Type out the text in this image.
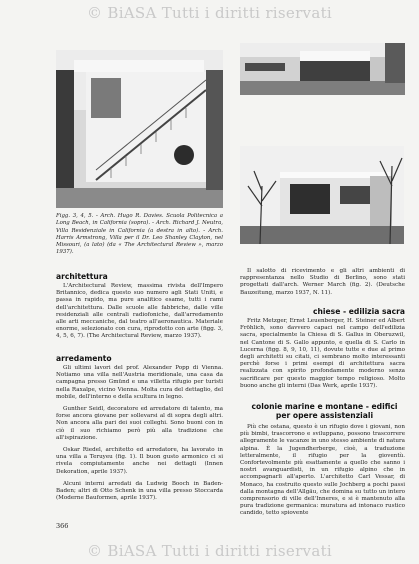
© BiASA Tutti i diritti riservati
© BiASA Tutti i diritti riservati
Figg. 3, 4, 5. - Arch. Hugo R. Davies. Scuola Politecnica a Long Beach, in California (sopra). - Arch. Richard J. Neutra, Villa Residenziale in California (a destra in alto). - Arch. Harris Armstrong, Villa per il Dr. Leo Shanley Clayton, nel Missouri, (a lato) (da « The Architectural Review », marzo 1937).
architettura

L'Architectural Review, massima rivista dell'Impero Britannico, dedica questo suo numero agli Stati Uniti, e passa in rapido, ma pure analitico esame, tutti i rami dell'architettura. Dalle scuole alle fabbriche, dalle ville residenziali alle centrali radiofoniche, dall'arredamento alle arti meccaniche, dal teatro all'aeronautica. Materiale enorme, selezionato con cura, riprodotto con arte (figg. 3, 4, 5, 6, 7). (The Architectural Review, marzo 1937).

arredamento

Gli ultimi lavori del prof. Alexander Popp di Vienna. Notiamo una villa nell'Austria meridionale, una casa da campagna presso Gmünd e una villetta rifugio per turisti nella Raxalpe, vicino Vienna. Molta cura del dettaglio, del mobile, dell'interno e della scultura in legno.

Gunther Seidl, decoratore ed arredatore di talento, ma forse ancora giovane per sollevarsi al di sopra degli altri. Non ancora alla pari dei suoi colleghi. Sono buoni con in ciò il suo richiamo però più alla tradizione che all'ispirazione.

Oskar Riedel, architetto ed arredatore, ha lavorato in una villa a Teruyeu (fig. 1). Il buon gusto armonico ci si rivela compiutamente anche nei dettagli (Innen Dekoration, aprile 1937).

Alcuni interni arredati da Ludwig Booch in Baden-Baden; altri di Otto Schenk in una villa presso Stoccarda (Moderne Bauformen, aprile 1937).

366

Il salotto di ricevimento e gli altri ambienti di rappresentanza nello Studio di Berlino, sono stati progettati dall'arch. Werner March (fig. 2). (Deutsche Bauzeitung, marzo 1937, N. 11).

chiese - edilizia sacra

Fritz Metzger, Ernst Leuenberger, H. Steiner ed Albert Fröhlich, sono davvero capaci nel campo dell'edilizia sacra, specialmente la Chiesa di S. Gallus in Oberuzwil, nel Cantone di S. Gallo appunto, e quella di S. Carlo in Lucerna (figg. 8, 9, 10, 11), dovute tutte e due al primo degli architetti su citati, ci sembrano molto interessanti perchè forse i primi esempi di architettura sacra realizzata con spirito profondamente moderno senza sacrificare per questo maggior tempo religioso. Molto buono anche gli interni (Das Werk, aprile 1937).

colonie marine e montane - edifici per opere assistenziali

Più che ostana, questo è un rifugio dove i giovani, non più bimbi, trascorrono e sviluppano, possono trascorrere allegramente le vacanze in uno stesso ambiente di natura alpina. È la Jugendherberge, cioè, a traduzione letteralmente, il rifugio per la gioventù. Confortevolmente più esattamente a quello che sanno i nostri avanguardisti, in un rifugio alpino che in accompagnarli all'aperto. L'architetto Carl Vessar, di Monaco, ha costruito questo sulle Jochberg a pochi passi dalla montagna dell'Allgäu, che domina su tutto un intero comprensorio di ville dell'Inneres, e si è mantenuto alla pura tradizione germanica: muratura ad intonaco rustico candido, tetto spiovente
